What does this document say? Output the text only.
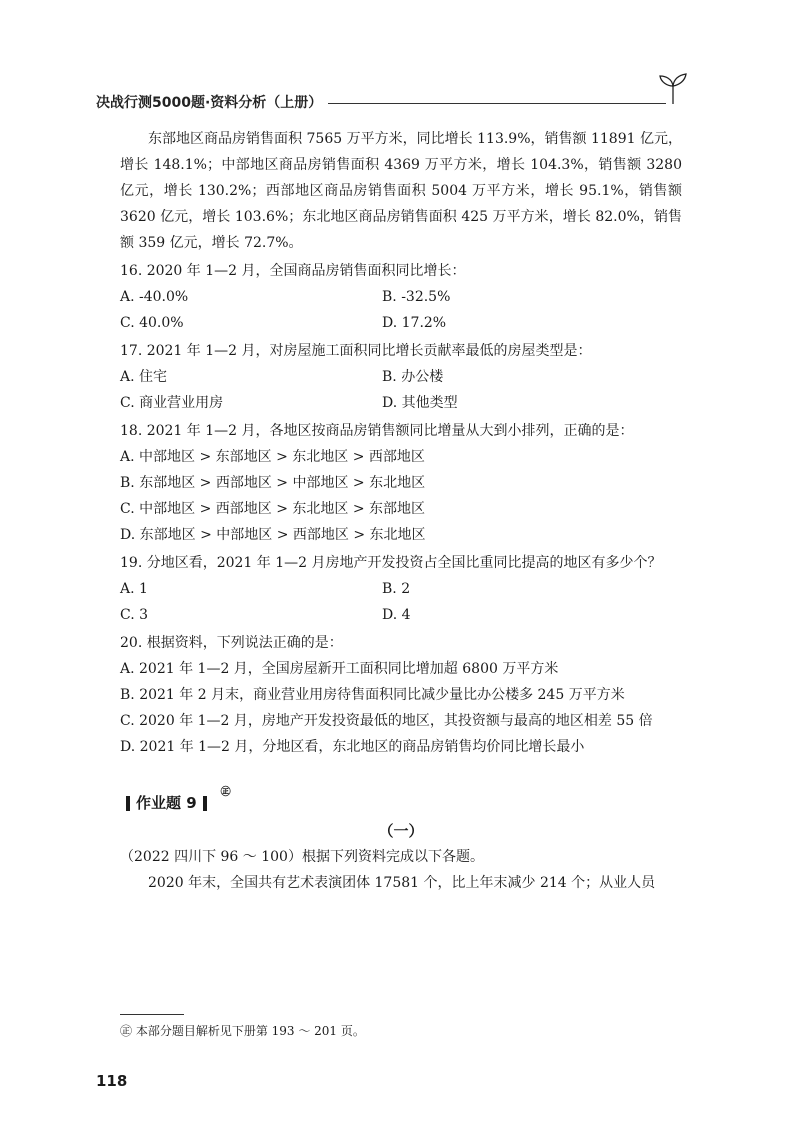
决战行测5000题·资料分析（上册）

东部地区商品房销售面积 7565 万平方米，同比增长 113.9%，销售额 11891 亿元，增长 148.1%；中部地区商品房销售面积 4369 万平方米，增长 104.3%，销售额 3280 亿元，增长 130.2%；西部地区商品房销售面积 5004 万平方米，增长 95.1%，销售额 3620 亿元，增长 103.6%；东北地区商品房销售面积 425 万平方米，增长 82.0%，销售额 359 亿元，增长 72.7%。

16. 2020 年 1—2 月，全国商品房销售面积同比增长：

A. -40.0%	B. -32.5%

C. 40.0%	D. 17.2%

17. 2021 年 1—2 月，对房屋施工面积同比增长贡献率最低的房屋类型是：

A. 住宅	B. 办公楼

C. 商业营业用房	D. 其他类型

18. 2021 年 1—2 月，各地区按商品房销售额同比增量从大到小排列，正确的是：

A. 中部地区 > 东部地区 > 东北地区 > 西部地区

B. 东部地区 > 西部地区 > 中部地区 > 东北地区

C. 中部地区 > 西部地区 > 东北地区 > 东部地区

D. 东部地区 > 中部地区 > 西部地区 > 东北地区

19. 分地区看，2021 年 1—2 月房地产开发投资占全国比重同比提高的地区有多少个？

A. 1	B. 2

C. 3	D. 4

20. 根据资料，下列说法正确的是：

A. 2021 年 1—2 月，全国房屋新开工面积同比增加超 6800 万平方米

B. 2021 年 2 月末，商业营业用房待售面积同比减少量比办公楼多 245 万平方米

C. 2020 年 1—2 月，房地产开发投资最低的地区，其投资额与最高的地区相差 55 倍

D. 2021 年 1—2 月，分地区看，东北地区的商品房销售均价同比增长最小

作业题 9
㊣
（一）

（2022 四川下 96 ～ 100）根据下列资料完成以下各题。

2020 年末，全国共有艺术表演团体 17581 个，比上年末减少 214 个；从业人员

㊣ 本部分题目解析见下册第 193 ～ 201 页。
118
